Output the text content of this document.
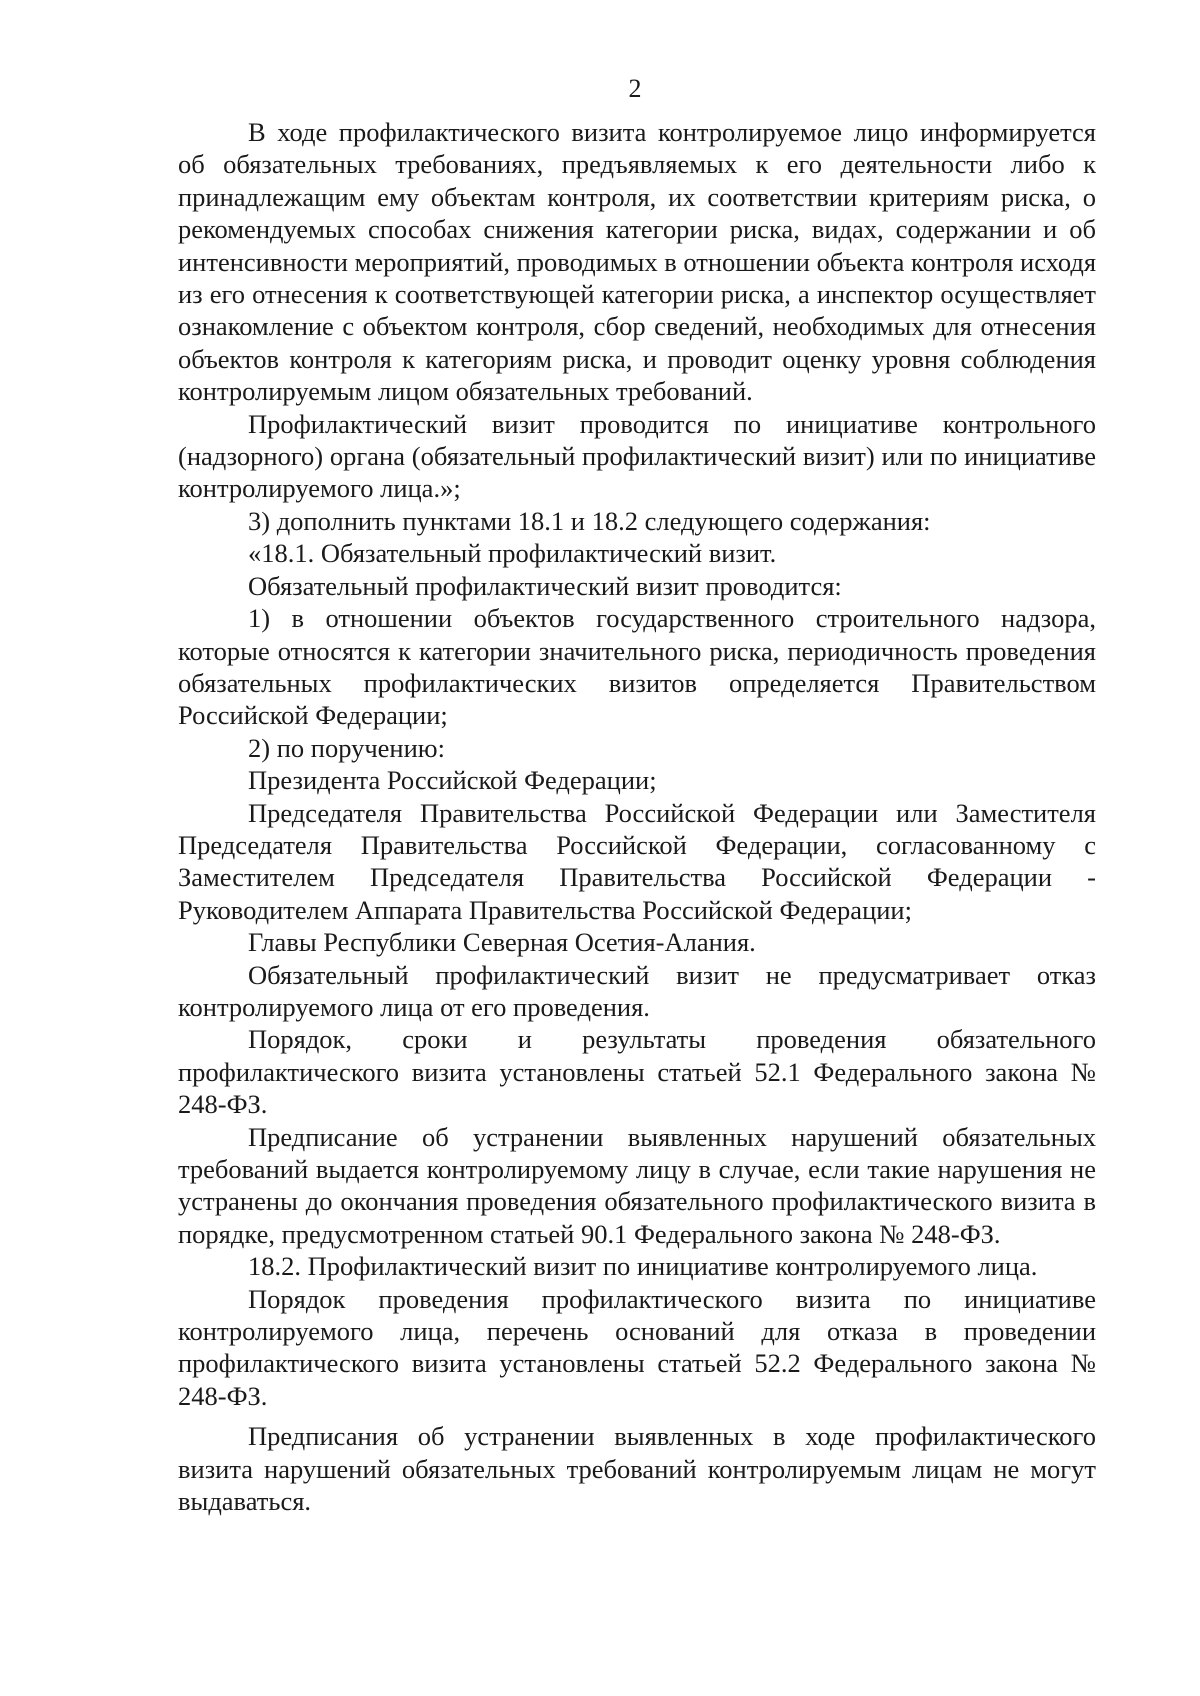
2

В ходе профилактического визита контролируемое лицо информируется об обязательных требованиях, предъявляемых к его деятельности либо к принадлежащим ему объектам контроля, их соответствии критериям риска, о рекомендуемых способах снижения категории риска, видах, содержании и об интенсивности мероприятий, проводимых в отношении объекта контроля исходя из его отнесения к соответствующей категории риска, а инспектор осуществляет ознакомление с объектом контроля, сбор сведений, необходимых для отнесения объектов контроля к категориям риска, и проводит оценку уровня соблюдения контролируемым лицом обязательных требований.

Профилактический визит проводится по инициативе контрольного (надзорного) органа (обязательный профилактический визит) или по инициативе контролируемого лица.»;

3) дополнить пунктами 18.1 и 18.2 следующего содержания:

«18.1. Обязательный профилактический визит.

Обязательный профилактический визит проводится:

1) в отношении объектов государственного строительного надзора, которые относятся к категории значительного риска, периодичность проведения обязательных профилактических визитов определяется Правительством Российской Федерации;

2) по поручению:

Президента Российской Федерации;

Председателя Правительства Российской Федерации или Заместителя Председателя Правительства Российской Федерации, согласованному с Заместителем Председателя Правительства Российской Федерации - Руководителем Аппарата Правительства Российской Федерации;

Главы Республики Северная Осетия-Алания.

Обязательный профилактический визит не предусматривает отказ контролируемого лица от его проведения.

Порядок, сроки и результаты проведения обязательного профилактического визита установлены статьей 52.1 Федерального закона № 248-ФЗ.

Предписание об устранении выявленных нарушений обязательных требований выдается контролируемому лицу в случае, если такие нарушения не устранены до окончания проведения обязательного профилактического визита в порядке, предусмотренном статьей 90.1 Федерального закона № 248-ФЗ.

18.2. Профилактический визит по инициативе контролируемого лица.

Порядок проведения профилактического визита по инициативе контролируемого лица, перечень оснований для отказа в проведении профилактического визита установлены статьей 52.2 Федерального закона № 248-ФЗ.

Предписания об устранении выявленных в ходе профилактического визита нарушений обязательных требований контролируемым лицам не могут выдаваться.
